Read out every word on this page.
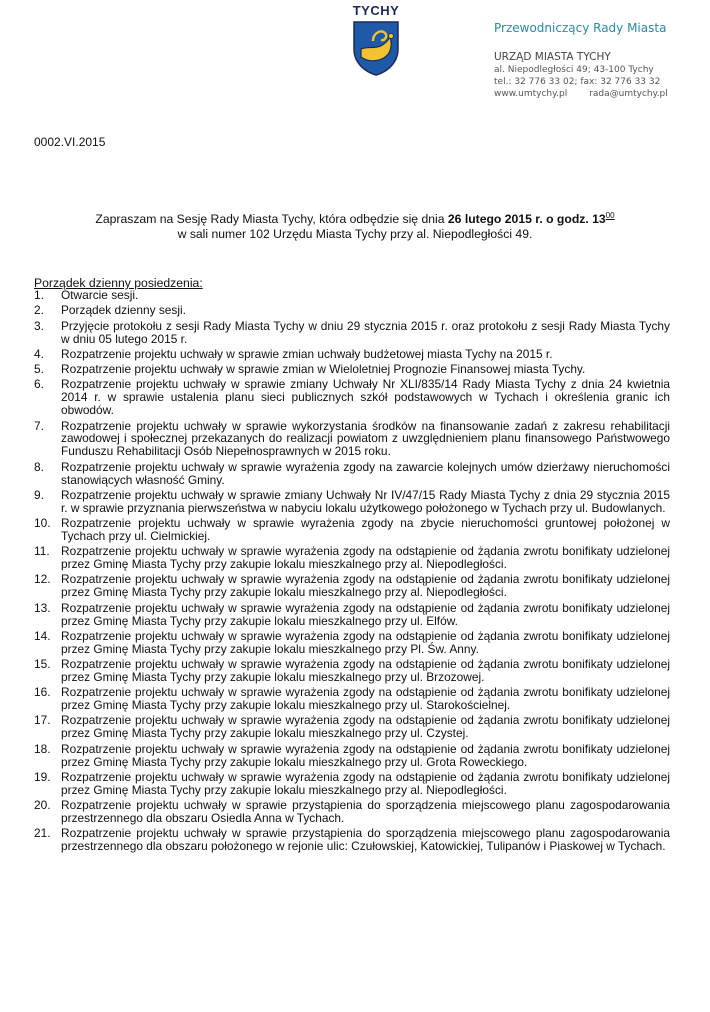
TYCHY
Przewodniczący Rady Miasta
URZĄD MIASTA TYCHY
al. Niepodległości 49; 43-100 Tychy
tel.: 32 776 33 02; fax: 32 776 33 32
www.umtychy.pl rada@umtychy.pl
0002.VI.2015
Zapraszam na Sesję Rady Miasta Tychy, która odbędzie się dnia 26 lutego 2015 r. o godz. $13^{00}$
w sali numer 102 Urzędu Miasta Tychy przy al. Niepodległości 49.
Porządek dzienny posiedzenia:
1.	Otwarcie sesji.
2.	Porządek dzienny sesji.
3.	Przyjęcie protokołu z sesji Rady Miasta Tychy w dniu 29 stycznia 2015 r. oraz protokołu z sesji Rady Miasta Tychy w dniu 05 lutego 2015 r.
4.	Rozpatrzenie projektu uchwały w sprawie zmian uchwały budżetowej miasta Tychy na 2015 r.
5.	Rozpatrzenie projektu uchwały w sprawie zmian w Wieloletniej Prognozie Finansowej miasta Tychy.
6.	Rozpatrzenie projektu uchwały w sprawie zmiany Uchwały Nr XLI/835/14 Rady Miasta Tychy z dnia 24 kwietnia 2014 r. w sprawie ustalenia planu sieci publicznych szkół podstawowych w Tychach i określenia granic ich obwodów.
7.	Rozpatrzenie projektu uchwały w sprawie wykorzystania środków na finansowanie zadań z zakresu rehabilitacji zawodowej i społecznej przekazanych do realizacji powiatom z uwzględnieniem planu finansowego Państwowego Funduszu Rehabilitacji Osób Niepełnosprawnych w 2015 roku.
8.	Rozpatrzenie projektu uchwały w sprawie wyrażenia zgody na zawarcie kolejnych umów dzierżawy nieruchomości stanowiących własność Gminy.
9.	Rozpatrzenie projektu uchwały w sprawie zmiany Uchwały Nr IV/47/15 Rady Miasta Tychy z dnia 29 stycznia 2015 r. w sprawie przyznania pierwszeństwa w nabyciu lokalu użytkowego położonego w Tychach przy ul. Budowlanych.
10. Rozpatrzenie projektu uchwały w sprawie wyrażenia zgody na zbycie nieruchomości gruntowej położonej w Tychach przy ul. Cielmickiej.
11. Rozpatrzenie projektu uchwały w sprawie wyrażenia zgody na odstąpienie od żądania zwrotu bonifikaty udzielonej przez Gminę Miasta Tychy przy zakupie lokalu mieszkalnego przy al. Niepodległości.
12. Rozpatrzenie projektu uchwały w sprawie wyrażenia zgody na odstąpienie od żądania zwrotu bonifikaty udzielonej przez Gminę Miasta Tychy przy zakupie lokalu mieszkalnego przy al. Niepodległości.
13. Rozpatrzenie projektu uchwały w sprawie wyrażenia zgody na odstąpienie od żądania zwrotu bonifikaty udzielonej przez Gminę Miasta Tychy przy zakupie lokalu mieszkalnego przy ul. Elfów.
14. Rozpatrzenie projektu uchwały w sprawie wyrażenia zgody na odstąpienie od żądania zwrotu bonifikaty udzielonej przez Gminę Miasta Tychy przy zakupie lokalu mieszkalnego przy Pl. Św. Anny.
15. Rozpatrzenie projektu uchwały w sprawie wyrażenia zgody na odstąpienie od żądania zwrotu bonifikaty udzielonej przez Gminę Miasta Tychy przy zakupie lokalu mieszkalnego przy ul. Brzozowej.
16. Rozpatrzenie projektu uchwały w sprawie wyrażenia zgody na odstąpienie od żądania zwrotu bonifikaty udzielonej przez Gminę Miasta Tychy przy zakupie lokalu mieszkalnego przy ul. Starokościelnej.
17. Rozpatrzenie projektu uchwały w sprawie wyrażenia zgody na odstąpienie od żądania zwrotu bonifikaty udzielonej przez Gminę Miasta Tychy przy zakupie lokalu mieszkalnego przy ul. Czystej.
18. Rozpatrzenie projektu uchwały w sprawie wyrażenia zgody na odstąpienie od żądania zwrotu bonifikaty udzielonej przez Gminę Miasta Tychy przy zakupie lokalu mieszkalnego przy ul. Grota Roweckiego.
19. Rozpatrzenie projektu uchwały w sprawie wyrażenia zgody na odstąpienie od żądania zwrotu bonifikaty udzielonej przez Gminę Miasta Tychy przy zakupie lokalu mieszkalnego przy al. Niepodległości.
20. Rozpatrzenie projektu uchwały w sprawie przystąpienia do sporządzenia miejscowego planu zagospodarowania przestrzennego dla obszaru Osiedla Anna w Tychach.
21. Rozpatrzenie projektu uchwały w sprawie przystąpienia do sporządzenia miejscowego planu zagospodarowania przestrzennego dla obszaru położonego w rejonie ulic: Czułowskiej, Katowickiej, Tulipanów i Piaskowej w Tychach.
